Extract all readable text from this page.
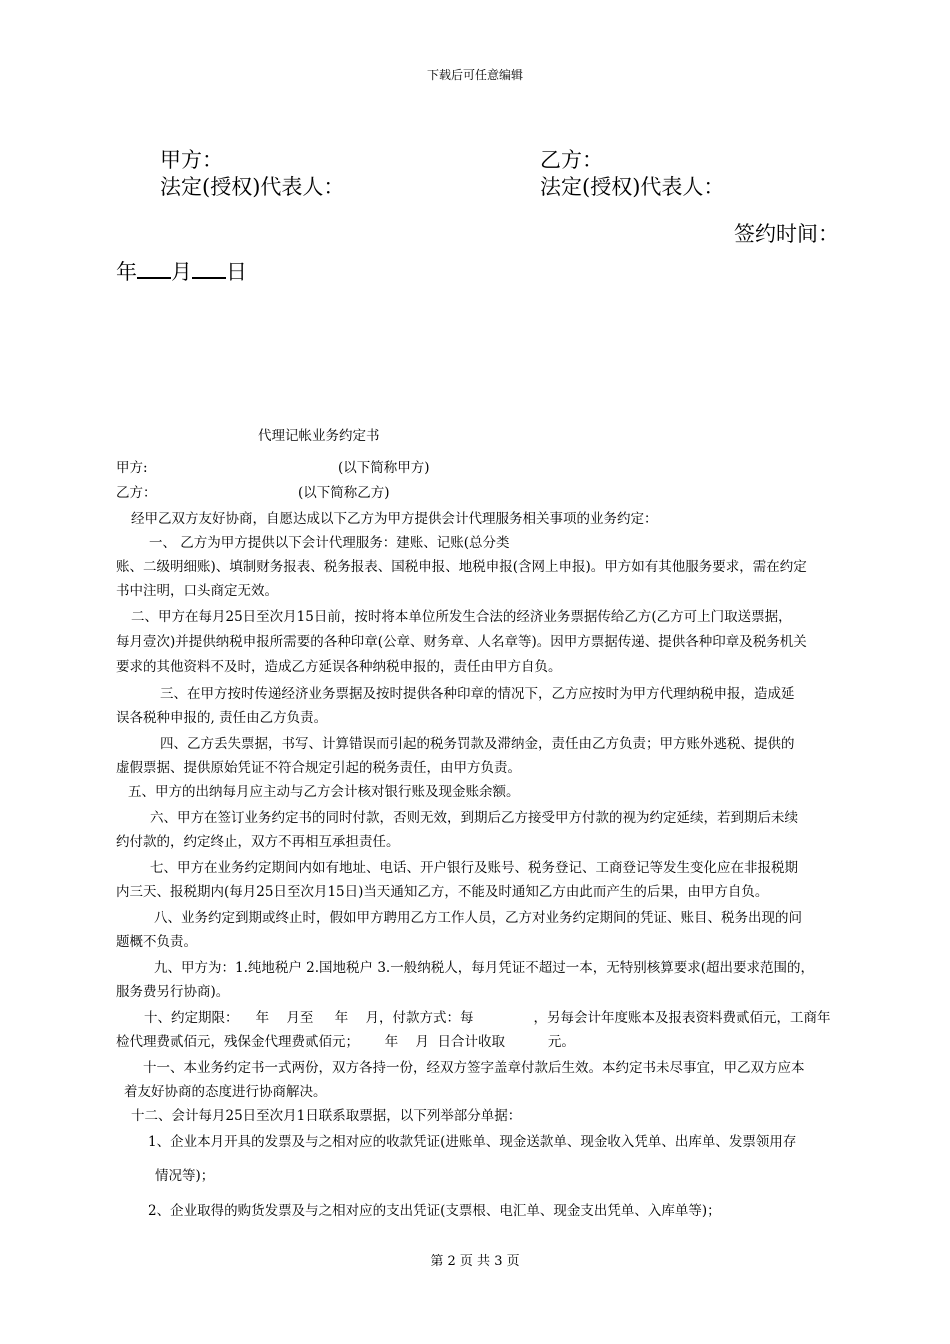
下载后可任意编辑
甲方：
法定(授权)代表人：
乙方：
法定(授权)代表人：
签约时间：
年 月 日
代理记帐业务约定书
甲方:	(以下简称甲方)
乙方：	(以下简称乙方)
经甲乙双方友好协商，自愿达成以下乙方为甲方提供会计代理服务相关事项的业务约定：
一、 乙方为甲方提供以下会计代理服务：建账、记账(总分类
账、二级明细账)、填制财务报表、税务报表、国税申报、地税申报(含网上申报)。甲方如有其他服务要求，需在约定
书中注明，口头商定无效。
二、甲方在每月25日至次月15日前，按时将本单位所发生合法的经济业务票据传给乙方(乙方可上门取送票据，
每月壹次)并提供纳税申报所需要的各种印章(公章、财务章、人名章等)。因甲方票据传递、提供各种印章及税务机关
要求的其他资料不及时，造成乙方延误各种纳税申报的，责任由甲方自负。
三、在甲方按时传递经济业务票据及按时提供各种印章的情况下，乙方应按时为甲方代理纳税申报，造成延
误各税种申报的, 责任由乙方负责。
四、乙方丢失票据，书写、计算错误而引起的税务罚款及滞纳金，责任由乙方负责；甲方账外逃税、提供的
虚假票据、提供原始凭证不符合规定引起的税务责任，由甲方负责。
五、甲方的出纳每月应主动与乙方会计核对银行账及现金账余额。
六、甲方在签订业务约定书的同时付款，否则无效，到期后乙方接受甲方付款的视为约定延续，若到期后未续
约付款的，约定终止，双方不再相互承担责任。
七、甲方在业务约定期间内如有地址、电话、开户银行及账号、税务登记、工商登记等发生变化应在非报税期
内三天、报税期内(每月25日至次月15日)当天通知乙方，不能及时通知乙方由此而产生的后果，由甲方自负。
八、业务约定到期或终止时，假如甲方聘用乙方工作人员，乙方对业务约定期间的凭证、账目、税务出现的问
题概不负责。
九、甲方为：1.纯地税户 2.国地税户 3.一般纳税人，每月凭证不超过一本，无特别核算要求(超出要求范围的，
服务费另行协商)。
十、约定期限：    年    月至     年    月，付款方式：每              ，另每会计年度账本及报表资料费贰佰元，工商年
检代理费贰佰元，残保金代理费贰佰元；      年    月  日合计收取          元。
十一、本业务约定书一式两份，双方各持一份，经双方签字盖章付款后生效。本约定书未尽事宜，甲乙双方应本
着友好协商的态度进行协商解决。
十二、会计每月25日至次月1日联系取票据，以下列举部分单据：
1、企业本月开具的发票及与之相对应的收款凭证(进账单、现金送款单、现金收入凭单、出库单、发票领用存
情况等)；
2、企业取得的购货发票及与之相对应的支出凭证(支票根、电汇单、现金支出凭单、入库单等)；
第 2 页 共 3 页
